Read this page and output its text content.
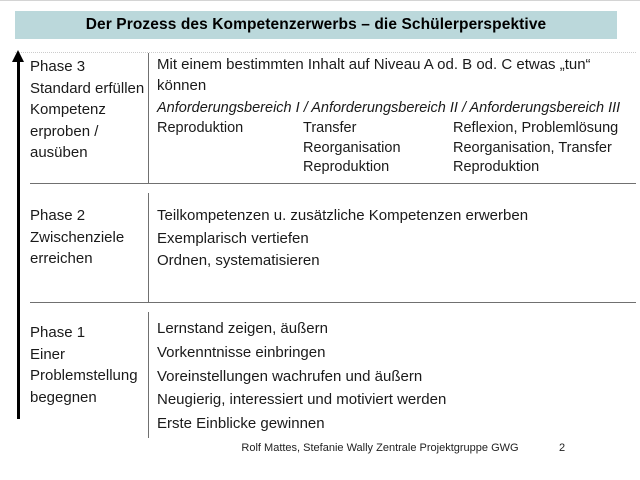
Der Prozess des Kompetenzerwerbs – die Schülerperspektive
Phase 3
Standard erfüllen
Kompetenz
erproben /
ausüben
Mit einem bestimmten Inhalt auf Niveau A od. B od. C etwas „tun“
können
Anforderungsbereich I / Anforderungsbereich II / Anforderungsbereich III
Reproduktion	Transfer
Reorganisation
Reproduktion
Reflexion, Problemlösung
Reorganisation, Transfer
Reproduktion
Phase 2
Zwischenziele
erreichen
Teilkompetenzen u. zusätzliche Kompetenzen erwerben
Exemplarisch vertiefen
Ordnen, systematisieren
Phase 1
Einer
Problemstellung
begegnen
Lernstand zeigen, äußern
Vorkenntnisse einbringen
Voreinstellungen wachrufen und äußern
Neugierig, interessiert und motiviert werden
Erste Einblicke gewinnen
Rolf Mattes, Stefanie Wally Zentrale Projektgruppe GWG	2
